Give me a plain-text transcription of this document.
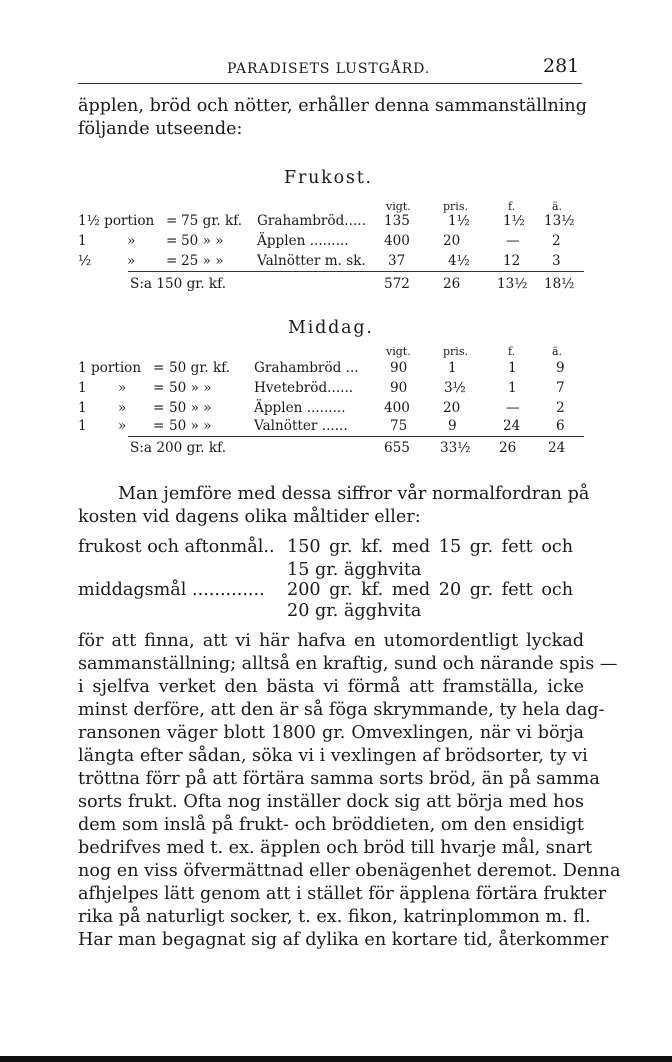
PARADISETS LUSTGÅRD.	281
äpplen, bröd och nötter, erhåller denna sammanställning
följande utseende:
Frukost.
vigt.	pris.	f.	ä.
1½ portion = 75 gr. kf. Grahambröd..... 135	1½ 1½ 13½
1	» = 50 » » Äpplen .........	400 20	— 2
½	» = 25 » » Valnötter m. sk. 37	4½ 12 3
S:a 150 gr. kf.	572 26	13½ 18½
Middag.
vigt.	pris.	f.	ä.
1 portion = 50 gr. kf. Grahambröd ... 90	1	1	9
1 » = 50 » »	Hvetebröd......	90	3½	1	7
1 » = 50 » »	Äpplen .........	400 20	—	2
1 » = 50 » »	Valnötter ......	75	9	24	6
S:a 200 gr. kf.	655 33½ 26 24
Man jemföre med dessa siffror vår normalfordran på
kosten vid dagens olika måltider eller:
frukost och aftonmål.. 150 gr. kf. med 15 gr. fett och
15 gr. ägghvita
middagsmål ............. 200 gr. kf. med 20 gr. fett och
20 gr. ägghvita
för att finna, att vi här hafva en utomordentligt lyckad
sammanställning; alltså en kraftig, sund och närande spis —
i sjelfva verket den bästa vi förmå att framställa, icke
minst derföre, att den är så föga skrymmande, ty hela dag-
ransonen väger blott 1800 gr. Omvexlingen, när vi börja
längta efter sådan, söka vi i vexlingen af brödsorter, ty vi
tröttna förr på att förtära samma sorts bröd, än på samma
sorts frukt. Ofta nog inställer dock sig att börja med hos
dem som inslå på frukt- och bröddieten, om den ensidigt
bedrifves med t. ex. äpplen och bröd till hvarje mål, snart
nog en viss öfvermättnad eller obenägenhet deremot. Denna
afhjelpes lätt genom att i stället för äpplena förtära frukter
rika på naturligt socker, t. ex. fikon, katrinplommon m. fl.
Har man begagnat sig af dylika en kortare tid, återkommer
